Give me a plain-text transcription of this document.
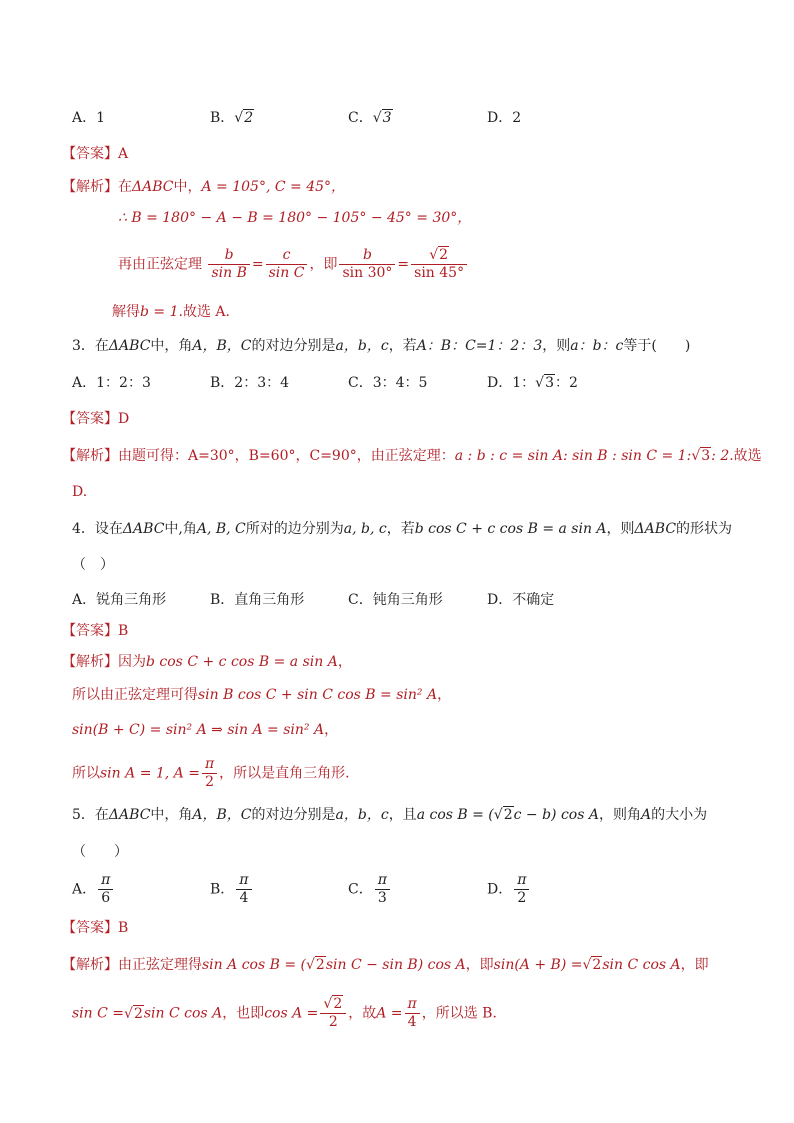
A．1	B．√2	C．√3	D．2
【答案】A
【解析】在ΔABC中，A = 105°, C = 45°，
∴ B = 180° − A − B = 180° − 105° − 45° = 30°，
再由正弦定理 $\frac{b}{\text{sin B}} = \frac{c}{\text{sin C}}$ ，即 $\frac{b}{\sin 30^\circ} = \frac{√2}{\sin 45^\circ}$
解得b = 1.故选 A.
3．在ΔABC中，角A，B，C的对边分别是a，b，c，若A：B：C=1：2：3，则a：b：c等于(　　)
A．1：2：3	B．2：3：4	C．3：4：5	D．1：√3：2
【答案】D
【解析】由题可得：A=30°，B=60°，C=90°，由正弦定理：a : b : c = sin A: sin B : sin C = 1:√3: 2.故选
D.
4．设在ΔABC中,角A, B, C所对的边分别为a, b, c，若b cos C + c cos B = a sin A，则ΔABC的形状为
（　）
A．锐角三角形	B．直角三角形	C．钝角三角形	D．不确定
【答案】B
【解析】因为b cos C + c cos B = a sin A，
所以由正弦定理可得sin B cos C + sin C cos B = sin² A，
sin(B + C) = sin² A ⇒ sin A = sin² A，
所以sin A = 1, $A = \frac{\pi}{2}$ ，所以是直角三角形.
5．在ΔABC中，角A，B，C的对边分别是a，b，c，且a cos B = (√2c − b) cos A，则角A的大小为
（　　）
A． $\frac{\pi}{6}$	B． $\frac{\pi}{4}$	C． $\frac{\pi}{3}$	D． $\frac{\pi}{2}$
【答案】B
【解析】由正弦定理得sin A cos B = (√2sin C − sin B) cos A，即sin(A + B) =√2sin C cos A，即
sin C =√2sin C cos A，也即$\cos A = \frac{√2}{2}$ ，故$A = \frac{\pi}{4}$ ，所以选 B.
